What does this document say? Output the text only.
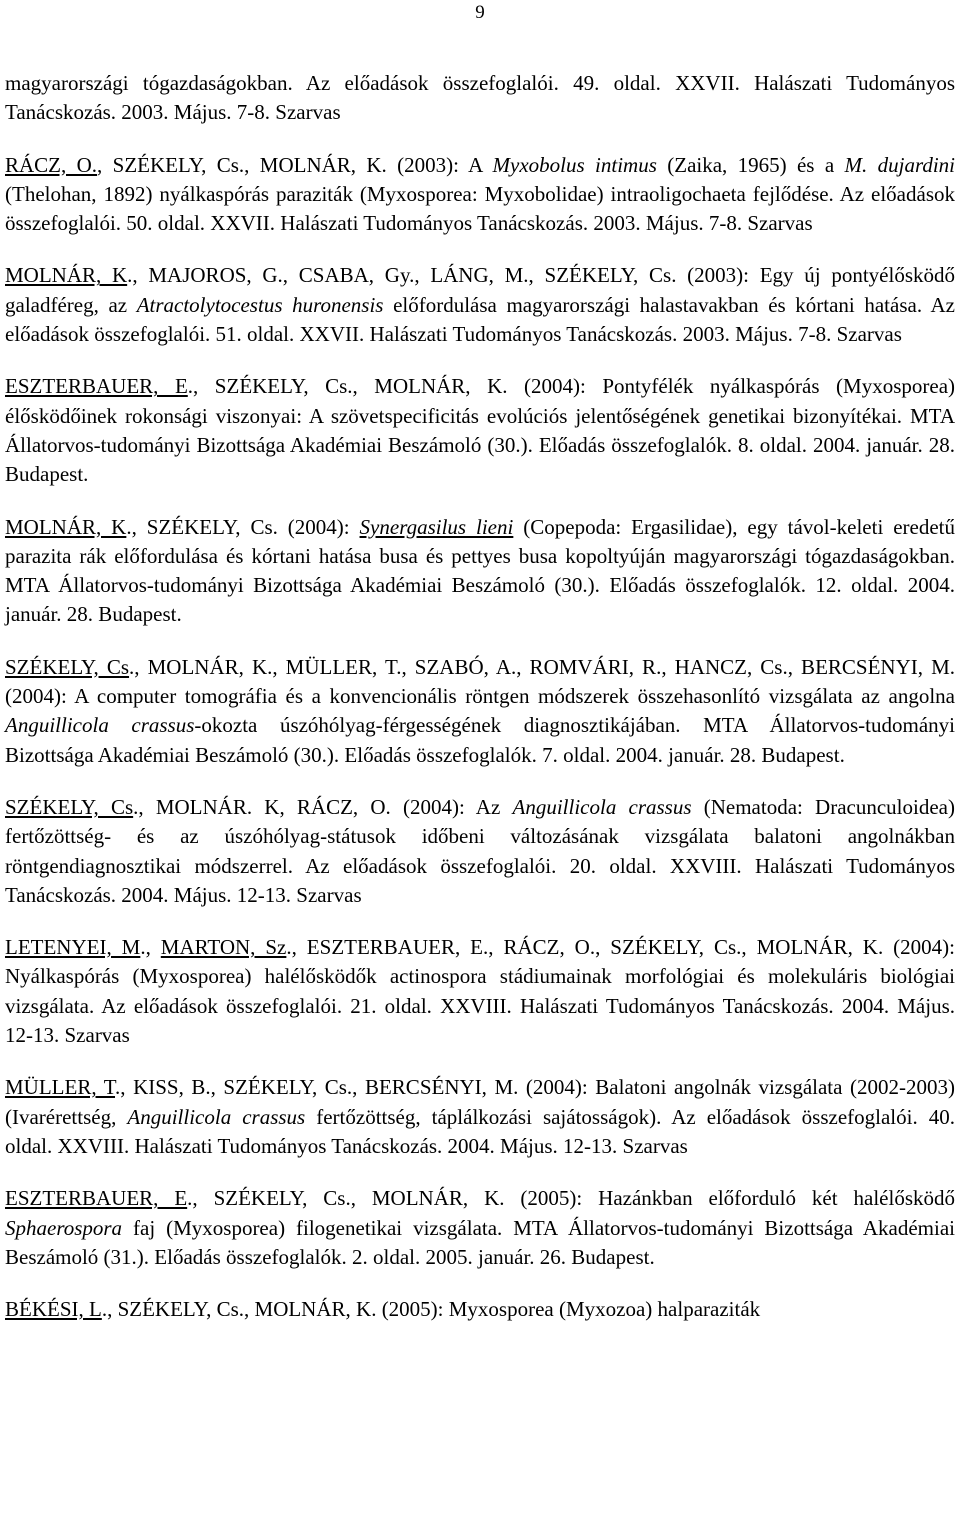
9

magyarországi tógazdaságokban. Az előadások összefoglalói. 49. oldal. XXVII. Halászati Tudományos Tanácskozás. 2003. Május. 7-8. Szarvas

RÁCZ, O., SZÉKELY, Cs., MOLNÁR, K. (2003): A Myxobolus intimus (Zaika, 1965) és a M. dujardini (Thelohan, 1892) nyálkaspórás paraziták (Myxosporea: Myxobolidae) intraoligochaeta fejlődése. Az előadások összefoglalói. 50. oldal. XXVII. Halászati Tudományos Tanácskozás. 2003. Május. 7-8. Szarvas

MOLNÁR, K., MAJOROS, G., CSABA, Gy., LÁNG, M., SZÉKELY, Cs. (2003): Egy új pontyélősködő galadféreg, az Atractolytocestus huronensis előfordulása magyarországi halastavakban és kórtani hatása. Az előadások összefoglalói. 51. oldal. XXVII. Halászati Tudományos Tanácskozás. 2003. Május. 7-8. Szarvas

ESZTERBAUER, E., SZÉKELY, Cs., MOLNÁR, K. (2004): Pontyfélék nyálkaspórás (Myxosporea) élősködőinek rokonsági viszonyai: A szövetspecificitás evolúciós jelentőségének genetikai bizonyítékai. MTA Állatorvos-tudományi Bizottsága Akadémiai Beszámoló (30.). Előadás összefoglalók. 8. oldal. 2004. január. 28. Budapest.

MOLNÁR, K., SZÉKELY, Cs. (2004): Synergasilus lieni (Copepoda: Ergasilidae), egy távol-keleti eredetű parazita rák előfordulása és kórtani hatása busa és pettyes busa kopoltyúján magyarországi tógazdaságokban. MTA Állatorvos-tudományi Bizottsága Akadémiai Beszámoló (30.). Előadás összefoglalók. 12. oldal. 2004. január. 28. Budapest.

SZÉKELY, Cs., MOLNÁR, K., MÜLLER, T., SZABÓ, A., ROMVÁRI, R., HANCZ, Cs., BERCSÉNYI, M. (2004): A computer tomográfia és a konvencionális röntgen módszerek összehasonlító vizsgálata az angolna Anguillicola crassus-okozta úszóhólyag-férgességének diagnosztikájában. MTA Állatorvos-tudományi Bizottsága Akadémiai Beszámoló (30.). Előadás összefoglalók. 7. oldal. 2004. január. 28. Budapest.

SZÉKELY, Cs., MOLNÁR. K, RÁCZ, O. (2004): Az Anguillicola crassus (Nematoda: Dracunculoidea) fertőzöttség- és az úszóhólyag-státusok időbeni változásának vizsgálata balatoni angolnákban röntgendiagnosztikai módszerrel. Az előadások összefoglalói. 20. oldal. XXVIII. Halászati Tudományos Tanácskozás. 2004. Május. 12-13. Szarvas

LETENYEI, M., MARTON, Sz., ESZTERBAUER, E., RÁCZ, O., SZÉKELY, Cs., MOLNÁR, K. (2004): Nyálkaspórás (Myxosporea) halélősködők actinospora stádiumainak morfológiai és molekuláris biológiai vizsgálata. Az előadások összefoglalói. 21. oldal. XXVIII. Halászati Tudományos Tanácskozás. 2004. Május. 12-13. Szarvas

MÜLLER, T., KISS, B., SZÉKELY, Cs., BERCSÉNYI, M. (2004): Balatoni angolnák vizsgálata (2002-2003) (Ivarérettség, Anguillicola crassus fertőzöttség, táplálkozási sajátosságok). Az előadások összefoglalói. 40. oldal. XXVIII. Halászati Tudományos Tanácskozás. 2004. Május. 12-13. Szarvas

ESZTERBAUER, E., SZÉKELY, Cs., MOLNÁR, K. (2005): Hazánkban előforduló két halélősködő Sphaerospora faj (Myxosporea) filogenetikai vizsgálata. MTA Állatorvos-tudományi Bizottsága Akadémiai Beszámoló (31.). Előadás összefoglalók. 2. oldal. 2005. január. 26. Budapest.

BÉKÉSI, L., SZÉKELY, Cs., MOLNÁR, K. (2005): Myxosporea (Myxozoa) halparaziták
